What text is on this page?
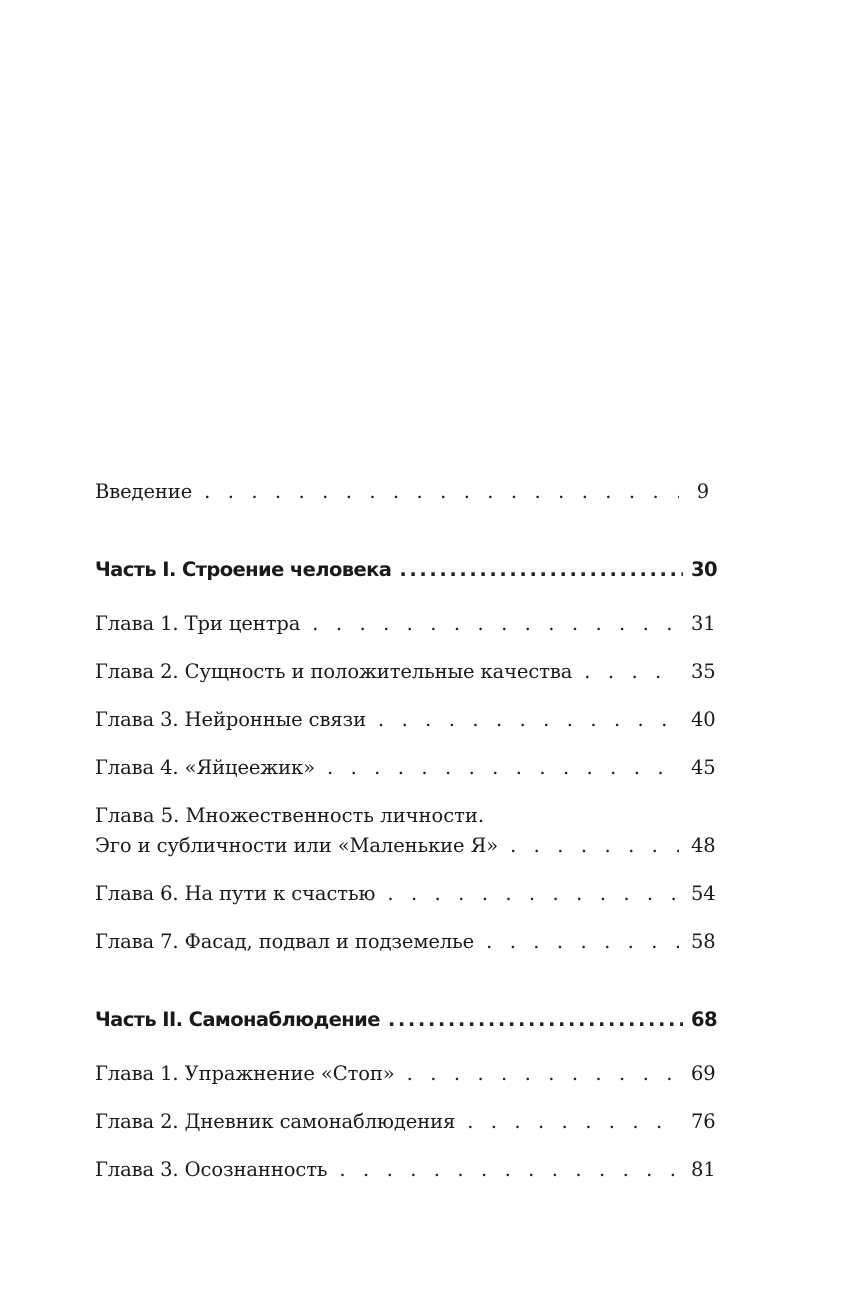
Введение . . .	9
Часть I. Строение человека .....	30
Глава 1. Три центра . . .	31
Глава 2. Сущность и положительные качества . . .	35
Глава 3. Нейронные связи . . .	40
Глава 4. «Яйцеежик» . . .	45
Глава 5. Множественность личности.
Эго и субличности или «Маленькие Я» . . .	48
Глава 6. На пути к счастью . . .	54
Глава 7. Фасад, подвал и подземелье . . .	58
Часть II. Самонаблюдение .....	68
Глава 1. Упражнение «Стоп» . . .	69
Глава 2. Дневник самонаблюдения . . .	76
Глава 3. Осознанность . . .	81
